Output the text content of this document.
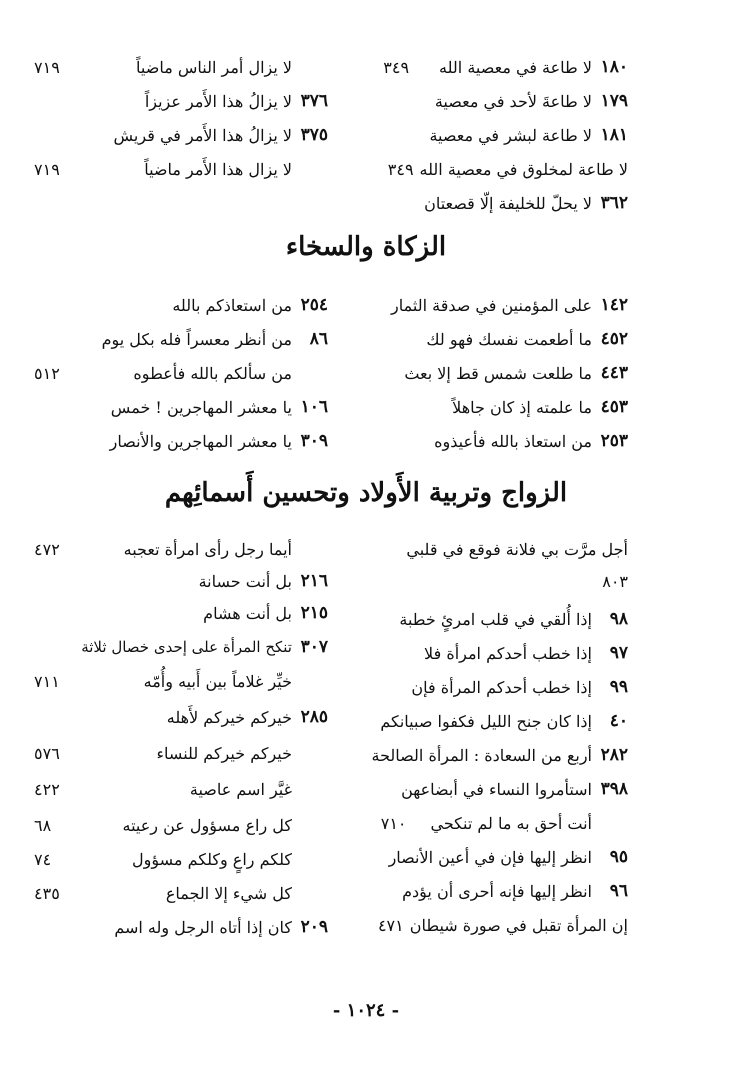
١٨٠
لا طاعة في معصية الله
٣٤٩
١٧٩
لا طاعةَ لأحد في معصية
١٨١
لا طاعة لبشر في معصية
لا طاعة لمخلوق في معصية الله
٣٤٩
٣٦٢
لا يحلّ للخليفة إلّا قصعتان
لا يزال أمر الناس ماضياً
٧١٩
٣٧٦
لا يزالُ هذا الأَمر عزيزاً
٣٧٥
لا يزالُ هذا الأَمر في قريش
لا يزال هذا الأَمر ماضياً
٧١٩
الزكاة والسخاء
١٤٢
على المؤمنين في صدقة الثمار
٤٥٢
ما أطعمت نفسك فهو لك
٤٤٣
ما طلعت شمس قط إلا بعث
٤٥٣
ما علمته إذ كان جاهلاً
٢٥٣
من استعاذ بالله فأعيذوه
٢٥٤
من استعاذكم بالله
٨٦
من أنظر معسراً فله بكل يوم
من سألكم بالله فأعطوه
٥١٢
١٠٦
يا معشر المهاجرين ! خمس
٣٠٩
يا معشر المهاجرين والأنصار
الزواج وتربية الأَولاد وتحسين أَسمائِهم
أجل مرَّت بي فلانة فوقع في قلبي
٨٠٣
٩٨
إذا أُلقي في قلب امرئٍ خطبة
٩٧
إذا خطب أحدكم امرأة فلا
٩٩
إذا خطب أحدكم المرأة فإن
٤٠
إذا كان جنح الليل فكفوا صبيانكم
٢٨٢
أربع من السعادة : المرأة الصالحة
٣٩٨
استأمروا النساء في أبضاعهن
أنت أحق به ما لم تنكحي
٧١٠
٩٥
انظر إليها فإن في أعين الأنصار
٩٦
انظر إليها فإنه أحرى أن يؤدم
إن المرأة تقبل في صورة شيطان
٤٧١
أيما رجل رأى امرأة تعجبه
٤٧٢
٢١٦
بل أنت حسانة
٢١٥
بل أنت هشام
٣٠٧
تنكح المرأة على إحدى خصال ثلاثة
خيِّر غلاماً بين أَبيه وأُمّه
٧١١
٢٨٥
خيركم خيركم لأَهله
خيركم خيركم للنساء
٥٧٦
غيَّر اسم عاصية
٤٢٢
كل راع مسؤول عن رعيته
٦٨
كلكم راعٍ وكلكم مسؤول
٧٤
كل شيء إلا الجماع
٤٣٥
٢٠٩
كان إذا أتاه الرجل وله اسم
- ١٠٢٤ -
